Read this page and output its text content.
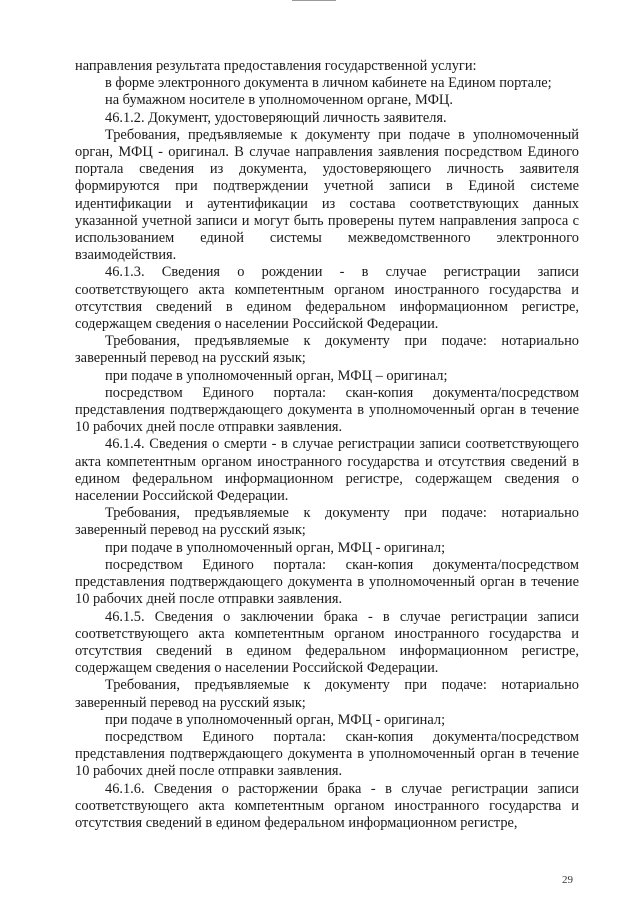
направления результата предоставления государственной услуги:

в форме электронного документа в личном кабинете на Едином портале;

на бумажном носителе в уполномоченном органе, МФЦ.

46.1.2. Документ, удостоверяющий личность заявителя.

Требования, предъявляемые к документу при подаче в уполномоченный орган, МФЦ - оригинал. В случае направления заявления посредством Единого портала сведения из документа, удостоверяющего личность заявителя формируются при подтверждении учетной записи в Единой системе идентификации и аутентификации из состава соответствующих данных указанной учетной записи и могут быть проверены путем направления запроса с использованием единой системы межведомственного электронного взаимодействия.

46.1.3. Сведения о рождении - в случае регистрации записи соответствующего акта компетентным органом иностранного государства и отсутствия сведений в едином федеральном информационном регистре, содержащем сведения о населении Российской Федерации.

Требования, предъявляемые к документу при подаче: нотариально заверенный перевод на русский язык;

при подаче в уполномоченный орган, МФЦ – оригинал;

посредством Единого портала: скан-копия документа/посредством представления подтверждающего документа в уполномоченный орган в течение 10 рабочих дней после отправки заявления.

46.1.4. Сведения о смерти - в случае регистрации записи соответствующего акта компетентным органом иностранного государства и отсутствия сведений в едином федеральном информационном регистре, содержащем сведения о населении Российской Федерации.

Требования, предъявляемые к документу при подаче: нотариально заверенный перевод на русский язык;

при подаче в уполномоченный орган, МФЦ - оригинал;

посредством Единого портала: скан-копия документа/посредством представления подтверждающего документа в уполномоченный орган в течение 10 рабочих дней после отправки заявления.

46.1.5. Сведения о заключении брака - в случае регистрации записи соответствующего акта компетентным органом иностранного государства и отсутствия сведений в едином федеральном информационном регистре, содержащем сведения о населении Российской Федерации.

Требования, предъявляемые к документу при подаче: нотариально заверенный перевод на русский язык;

при подаче в уполномоченный орган, МФЦ - оригинал;

посредством Единого портала: скан-копия документа/посредством представления подтверждающего документа в уполномоченный орган в течение 10 рабочих дней после отправки заявления.

46.1.6. Сведения о расторжении брака - в случае регистрации записи соответствующего акта компетентным органом иностранного государства и отсутствия сведений в едином федеральном информационном регистре,

29
